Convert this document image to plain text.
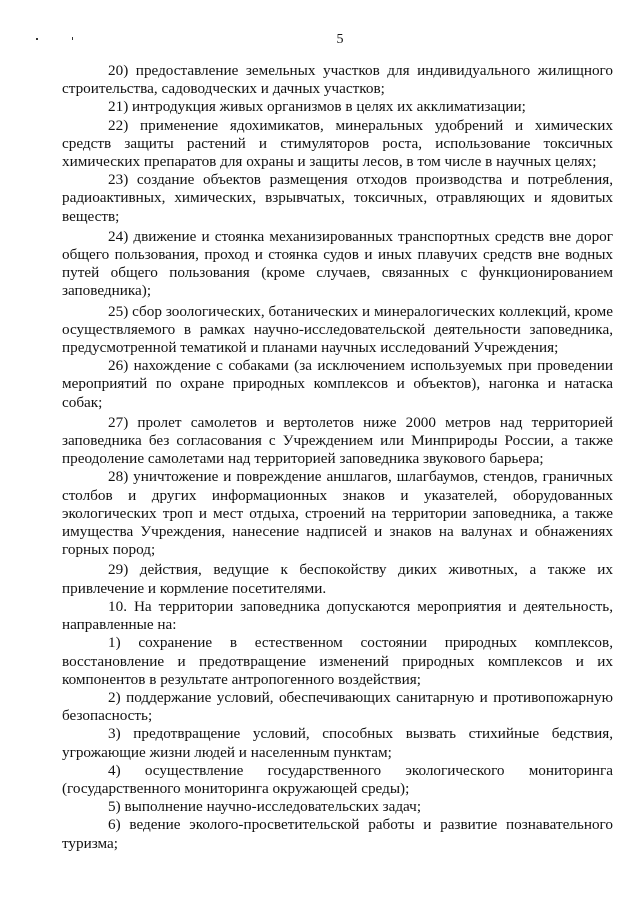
5

20) предоставление земельных участков для индивидуального жилищного строительства, садоводческих и дачных участков;

21) интродукция живых организмов в целях их акклиматизации;

22) применение ядохимикатов, минеральных удобрений и химических средств защиты растений и стимуляторов роста, использование токсичных химических препаратов для охраны и защиты лесов, в том числе в научных целях;

23) создание объектов размещения отходов производства и потребления, радиоактивных, химических, взрывчатых, токсичных, отравляющих и ядовитых веществ;

24) движение и стоянка механизированных транспортных средств вне дорог общего пользования, проход и стоянка судов и иных плавучих средств вне водных путей общего пользования (кроме случаев, связанных с функционированием заповедника);

25) сбор зоологических, ботанических и минералогических коллекций, кроме осуществляемого в рамках научно-исследовательской деятельности заповедника, предусмотренной тематикой и планами научных исследований Учреждения;

26) нахождение с собаками (за исключением используемых при проведении мероприятий по охране природных комплексов и объектов), нагонка и натаска собак;

27) пролет самолетов и вертолетов ниже 2000 метров над территорией заповедника без согласования с Учреждением или Минприроды России, а также преодоление самолетами над территорией заповедника звукового барьера;

28) уничтожение и повреждение аншлагов, шлагбаумов, стендов, граничных столбов и других информационных знаков и указателей, оборудованных экологических троп и мест отдыха, строений на территории заповедника, а также имущества Учреждения, нанесение надписей и знаков на валунах и обнажениях горных пород;

29) действия, ведущие к беспокойству диких животных, а также их привлечение и кормление посетителями.

10. На территории заповедника допускаются мероприятия и деятельность, направленные на:

1) сохранение в естественном состоянии природных комплексов, восстановление и предотвращение изменений природных комплексов и их компонентов в результате антропогенного воздействия;

2) поддержание условий, обеспечивающих санитарную и противопожарную безопасность;

3) предотвращение условий, способных вызвать стихийные бедствия, угрожающие жизни людей и населенным пунктам;

4) осуществление государственного экологического мониторинга (государственного мониторинга окружающей среды);

5) выполнение научно-исследовательских задач;

6) ведение эколого-просветительской работы и развитие познавательного туризма;
